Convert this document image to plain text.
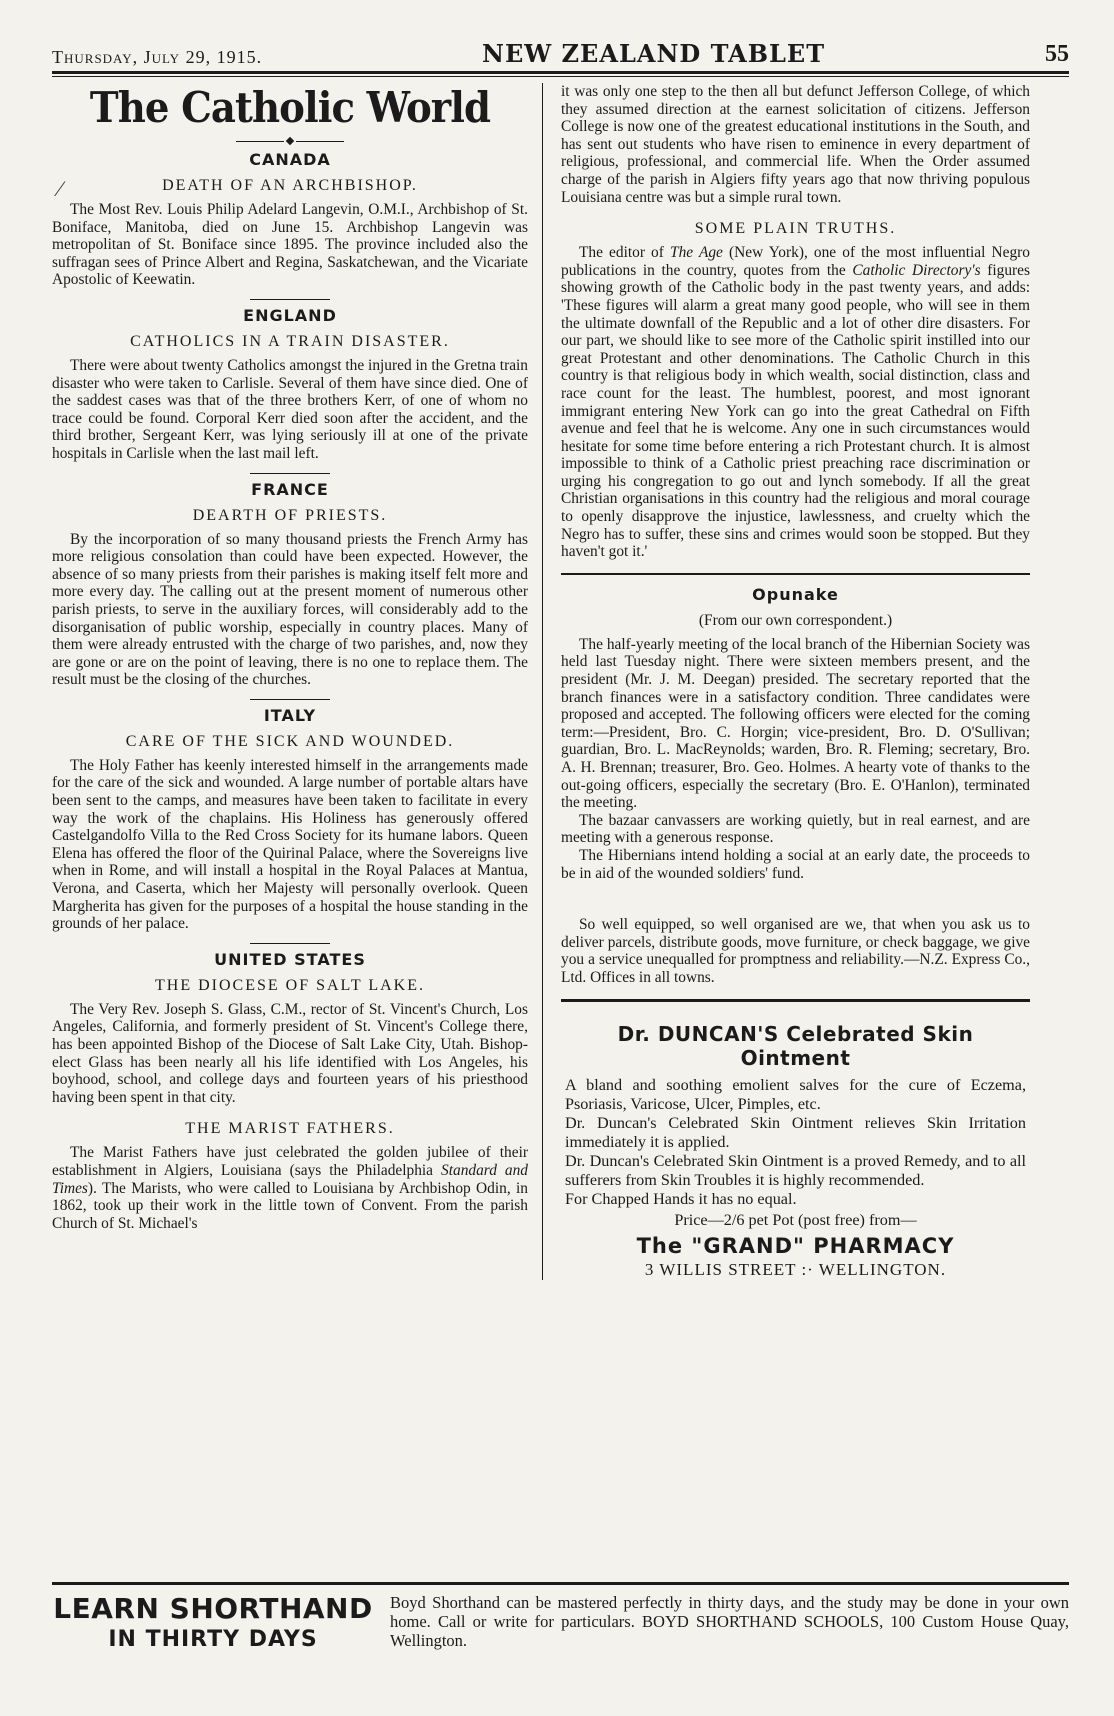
Thursday, July 29, 1915.	NEW ZEALAND TABLET	55
The Catholic World
CANADA
DEATH OF AN ARCHBISHOP.

The Most Rev. Louis Philip Adelard Langevin, O.M.I., Archbishop of St. Boniface, Manitoba, died on June 15. Archbishop Langevin was metropolitan of St. Boniface since 1895. The province included also the suffragan sees of Prince Albert and Regina, Saskatchewan, and the Vicariate Apostolic of Keewatin.

ENGLAND
CATHOLICS IN A TRAIN DISASTER.

There were about twenty Catholics amongst the injured in the Gretna train disaster who were taken to Carlisle. Several of them have since died. One of the saddest cases was that of the three brothers Kerr, of one of whom no trace could be found. Corporal Kerr died soon after the accident, and the third brother, Sergeant Kerr, was lying seriously ill at one of the private hospitals in Carlisle when the last mail left.

FRANCE
DEARTH OF PRIESTS.

By the incorporation of so many thousand priests the French Army has more religious consolation than could have been expected. However, the absence of so many priests from their parishes is making itself felt more and more every day. The calling out at the present moment of numerous other parish priests, to serve in the auxiliary forces, will considerably add to the disorganisation of public worship, especially in country places. Many of them were already entrusted with the charge of two parishes, and, now they are gone or are on the point of leaving, there is no one to replace them. The result must be the closing of the churches.

ITALY
CARE OF THE SICK AND WOUNDED.

The Holy Father has keenly interested himself in the arrangements made for the care of the sick and wounded. A large number of portable altars have been sent to the camps, and measures have been taken to facilitate in every way the work of the chaplains. His Holiness has generously offered Castelgandolfo Villa to the Red Cross Society for its humane labors. Queen Elena has offered the floor of the Quirinal Palace, where the Sovereigns live when in Rome, and will install a hospital in the Royal Palaces at Mantua, Verona, and Caserta, which her Majesty will personally overlook. Queen Margherita has given for the purposes of a hospital the house standing in the grounds of her palace.

UNITED STATES
THE DIOCESE OF SALT LAKE.

The Very Rev. Joseph S. Glass, C.M., rector of St. Vincent's Church, Los Angeles, California, and formerly president of St. Vincent's College there, has been appointed Bishop of the Diocese of Salt Lake City, Utah. Bishop-elect Glass has been nearly all his life identified with Los Angeles, his boyhood, school, and college days and fourteen years of his priesthood having been spent in that city.

THE MARIST FATHERS.

The Marist Fathers have just celebrated the golden jubilee of their establishment in Algiers, Louisiana (says the Philadelphia Standard and Times). The Marists, who were called to Louisiana by Archbishop Odin, in 1862, took up their work in the little town of Convent. From the parish Church of St. Michael's

it was only one step to the then all but defunct Jefferson College, of which they assumed direction at the earnest solicitation of citizens. Jefferson College is now one of the greatest educational institutions in the South, and has sent out students who have risen to eminence in every department of religious, professional, and commercial life. When the Order assumed charge of the parish in Algiers fifty years ago that now thriving populous Louisiana centre was but a simple rural town.

SOME PLAIN TRUTHS.

The editor of The Age (New York), one of the most influential Negro publications in the country, quotes from the Catholic Directory's figures showing growth of the Catholic body in the past twenty years, and adds: 'These figures will alarm a great many good people, who will see in them the ultimate downfall of the Republic and a lot of other dire disasters. For our part, we should like to see more of the Catholic spirit instilled into our great Protestant and other denominations. The Catholic Church in this country is that religious body in which wealth, social distinction, class and race count for the least. The humblest, poorest, and most ignorant immigrant entering New York can go into the great Cathedral on Fifth avenue and feel that he is welcome. Any one in such circumstances would hesitate for some time before entering a rich Protestant church. It is almost impossible to think of a Catholic priest preaching race discrimination or urging his congregation to go out and lynch somebody. If all the great Christian organisations in this country had the religious and moral courage to openly disapprove the injustice, lawlessness, and cruelty which the Negro has to suffer, these sins and crimes would soon be stopped. But they haven't got it.'

Opunake
(From our own correspondent.)

The half-yearly meeting of the local branch of the Hibernian Society was held last Tuesday night. There were sixteen members present, and the president (Mr. J. M. Deegan) presided. The secretary reported that the branch finances were in a satisfactory condition. Three candidates were proposed and accepted. The following officers were elected for the coming term:—President, Bro. C. Horgin; vice-president, Bro. D. O'Sullivan; guardian, Bro. L. MacReynolds; warden, Bro. R. Fleming; secretary, Bro. A. H. Brennan; treasurer, Bro. Geo. Holmes. A hearty vote of thanks to the out-going officers, especially the secretary (Bro. E. O'Hanlon), terminated the meeting.

The bazaar canvassers are working quietly, but in real earnest, and are meeting with a generous response.

The Hibernians intend holding a social at an early date, the proceeds to be in aid of the wounded soldiers' fund.

So well equipped, so well organised are we, that when you ask us to deliver parcels, distribute goods, move furniture, or check baggage, we give you a service unequalled for promptness and reliability.—N.Z. Express Co., Ltd. Offices in all towns.

Dr. DUNCAN'S Celebrated Skin Ointment

A bland and soothing emolient salves for the cure of Eczema, Psoriasis, Varicose, Ulcer, Pimples, etc.

Dr. Duncan's Celebrated Skin Ointment relieves Skin Irritation immediately it is applied.

Dr. Duncan's Celebrated Skin Ointment is a proved Remedy, and to all sufferers from Skin Troubles it is highly recommended.

For Chapped Hands it has no equal.

Price—2/6 pet Pot (post free) from—

The "GRAND" PHARMACY
3 WILLIS STREET :· WELLINGTON.
⁄
LEARN SHORTHAND
IN THIRTY DAYS
Boyd Shorthand can be mastered perfectly in thirty days, and the study may be done in your own home. Call or write for particulars. BOYD SHORTHAND SCHOOLS, 100 Custom House Quay, Wellington.
